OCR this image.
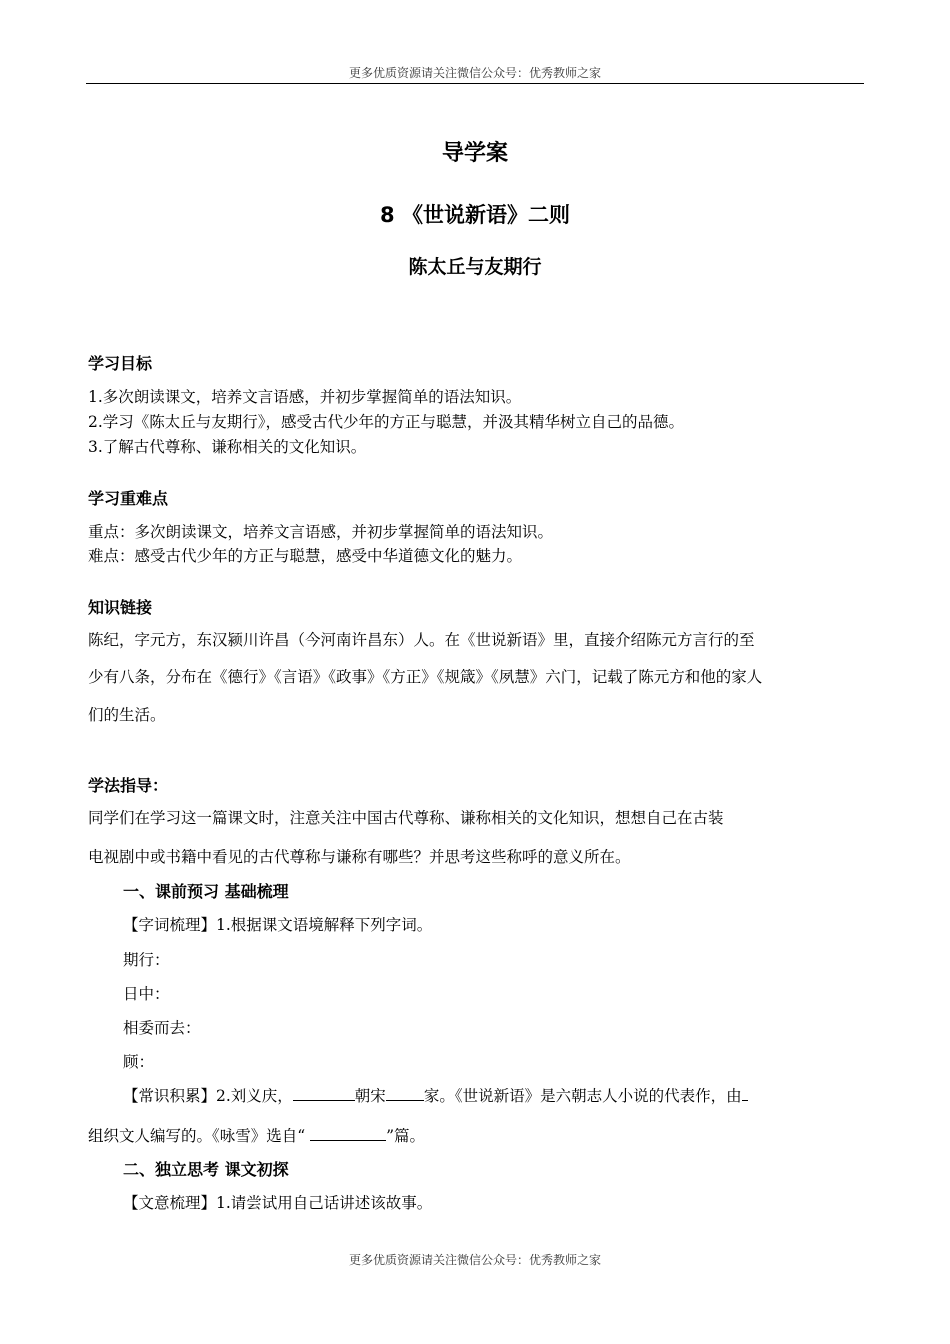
更多优质资源请关注微信公众号：优秀教师之家
导学案
8 《世说新语》二则
陈太丘与友期行
学习目标
1.多次朗读课文，培养文言语感，并初步掌握简单的语法知识。
2.学习《陈太丘与友期行》，感受古代少年的方正与聪慧，并汲其精华树立自己的品德。
3.了解古代尊称、谦称相关的文化知识。
学习重难点
重点：多次朗读课文，培养文言语感，并初步掌握简单的语法知识。
难点：感受古代少年的方正与聪慧，感受中华道德文化的魅力。
知识链接
陈纪，字元方，东汉颍川许昌（今河南许昌东）人。在《世说新语》里，直接介绍陈元方言行的至
少有八条，分布在《德行》《言语》《政事》《方正》《规箴》《夙慧》六门，记载了陈元方和他的家人
们的生活。
学法指导：
同学们在学习这一篇课文时，注意关注中国古代尊称、谦称相关的文化知识，想想自己在古装
电视剧中或书籍中看见的古代尊称与谦称有哪些？并思考这些称呼的意义所在。
一、课前预习 基础梳理
【字词梳理】1.根据课文语境解释下列字词。
期行：
日中：
相委而去：
顾：
【常识积累】2.刘义庆，	朝宋 家。《世说新语》是六朝志人小说的代表作，由
组织文人编写的。《咏雪》选自“	”篇。
二、独立思考 课文初探
【文意梳理】1.请尝试用自己话讲述该故事。
更多优质资源请关注微信公众号：优秀教师之家
